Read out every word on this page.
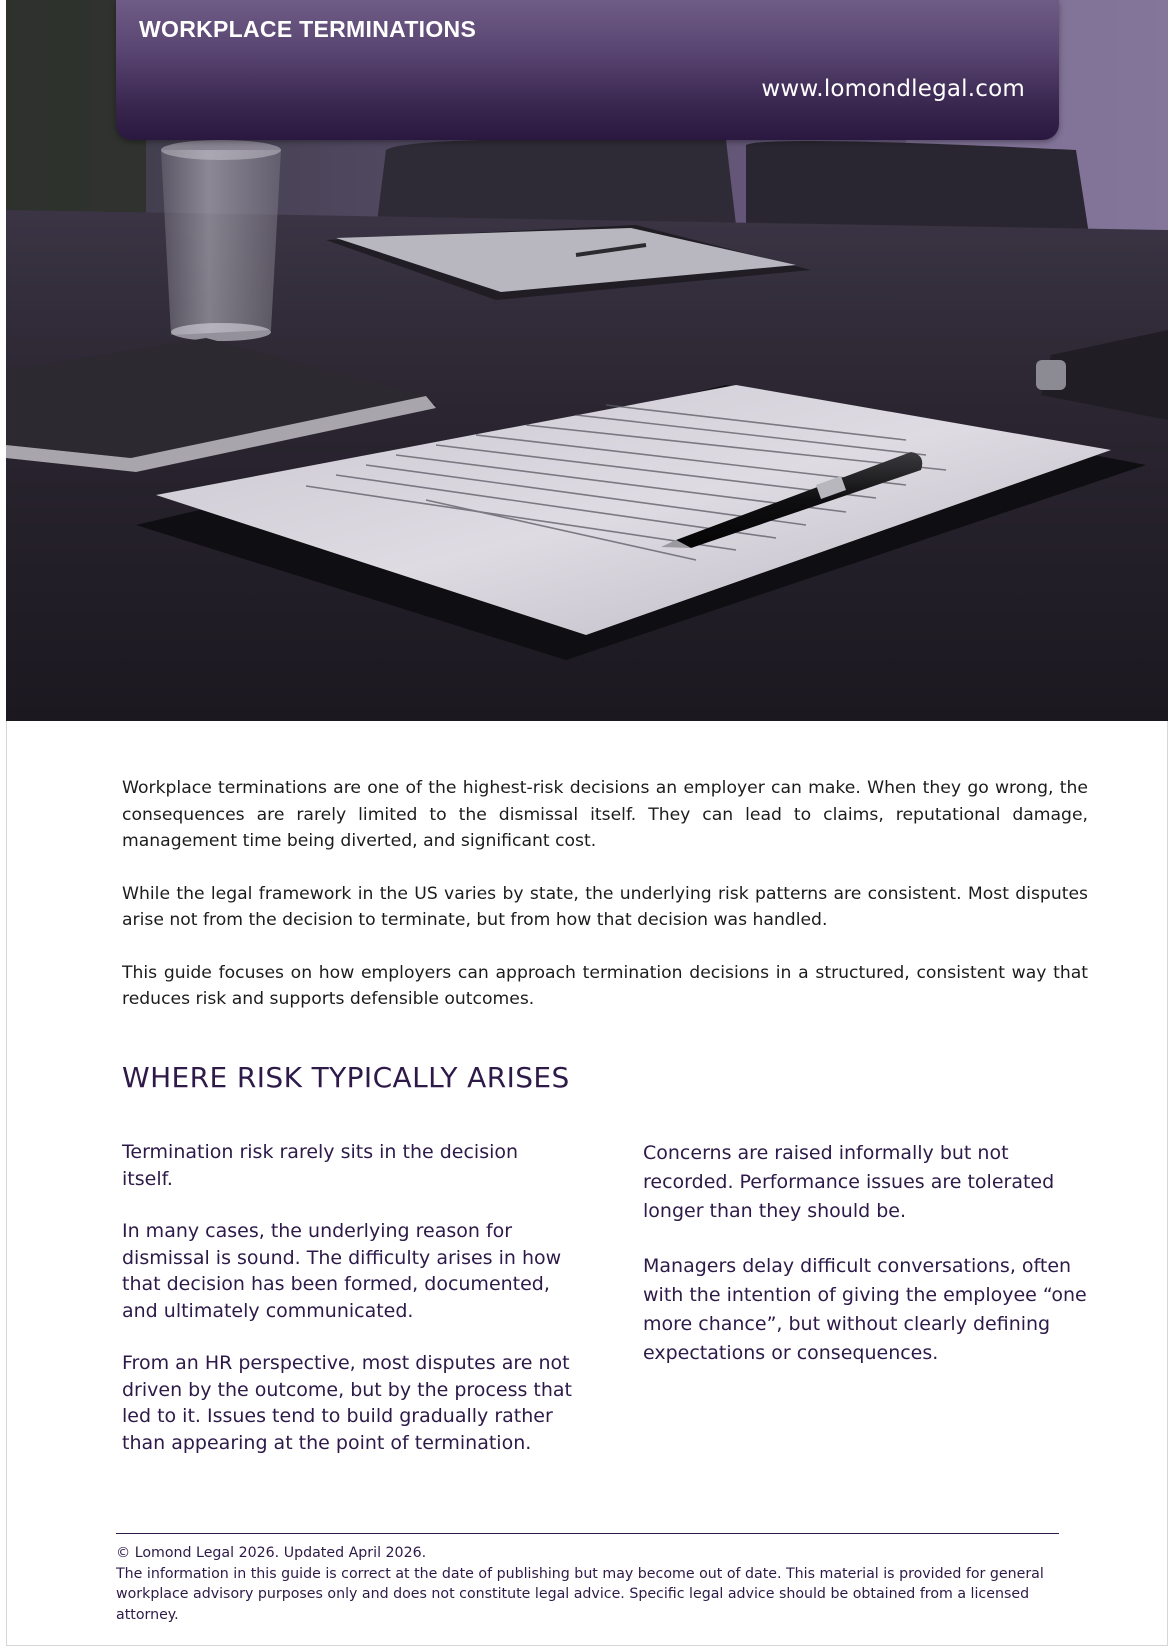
WORKPLACE TERMINATIONS
www.lomondlegal.com

Workplace terminations are one of the highest-risk decisions an employer can make. When they go wrong, the consequences are rarely limited to the dismissal itself. They can lead to claims, reputational damage, management time being diverted, and significant cost.

While the legal framework in the US varies by state, the underlying risk patterns are consistent. Most disputes arise not from the decision to terminate, but from how that decision was handled.

This guide focuses on how employers can approach termination decisions in a structured, consistent way that reduces risk and supports defensible outcomes.

WHERE RISK TYPICALLY ARISES

Termination risk rarely sits in the decision itself.

In many cases, the underlying reason for dismissal is sound. The difficulty arises in how that decision has been formed, documented, and ultimately communicated.

From an HR perspective, most disputes are not driven by the outcome, but by the process that led to it. Issues tend to build gradually rather than appearing at the point of termination.

Concerns are raised informally but not recorded. Performance issues are tolerated longer than they should be.

Managers delay difficult conversations, often with the intention of giving the employee “one more chance”, but without clearly defining expectations or consequences.

© Lomond Legal 2026. Updated April 2026.

The information in this guide is correct at the date of publishing but may become out of date. This material is provided for general

workplace advisory purposes only and does not constitute legal advice. Specific legal advice should be obtained from a licensed attorney.
